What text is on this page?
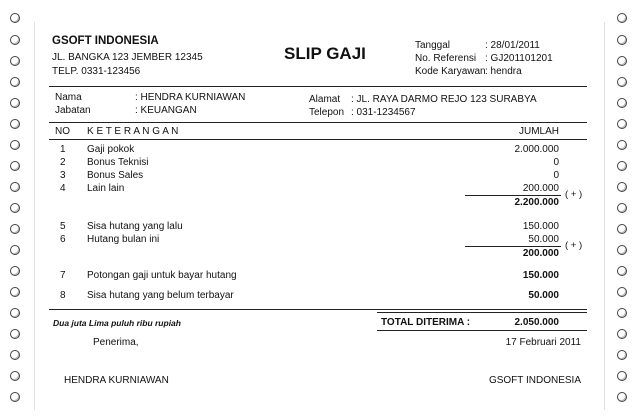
GSOFT INDONESIA
JL. BANGKA 123 JEMBER 12345
TELP. 0331-123456
SLIP GAJI	Tanggal	: 28/01/2011
No. Referensi : GJ201101201
Kode Karyawan : hendra
Nama	: HENDRA KURNIAWAN
Jabatan	: KEUANGAN
Alamat : JL. RAYA DARMO REJO 123 SURABYA
Telepon : 031-1234567
NO K E T E R A N G A N	JUMLAH
1 Gaji pokok	2.000.000
2 Bonus Teknisi	0
3 Bonus Sales	0
4 Lain lain	200.000
( + )
2.200.000
5 Sisa hutang yang lalu	150.000
6 Hutang bulan ini	50.000
( + )
200.000
7 Potongan gaji untuk bayar hutang	150.000
8 Sisa hutang yang belum terbayar	50.000
Dua juta Lima puluh ribu rupiah	TOTAL DITERIMA :	2.050.000
Penerima,	17 Februari 2011
HENDRA KURNIAWAN	GSOFT INDONESIA
